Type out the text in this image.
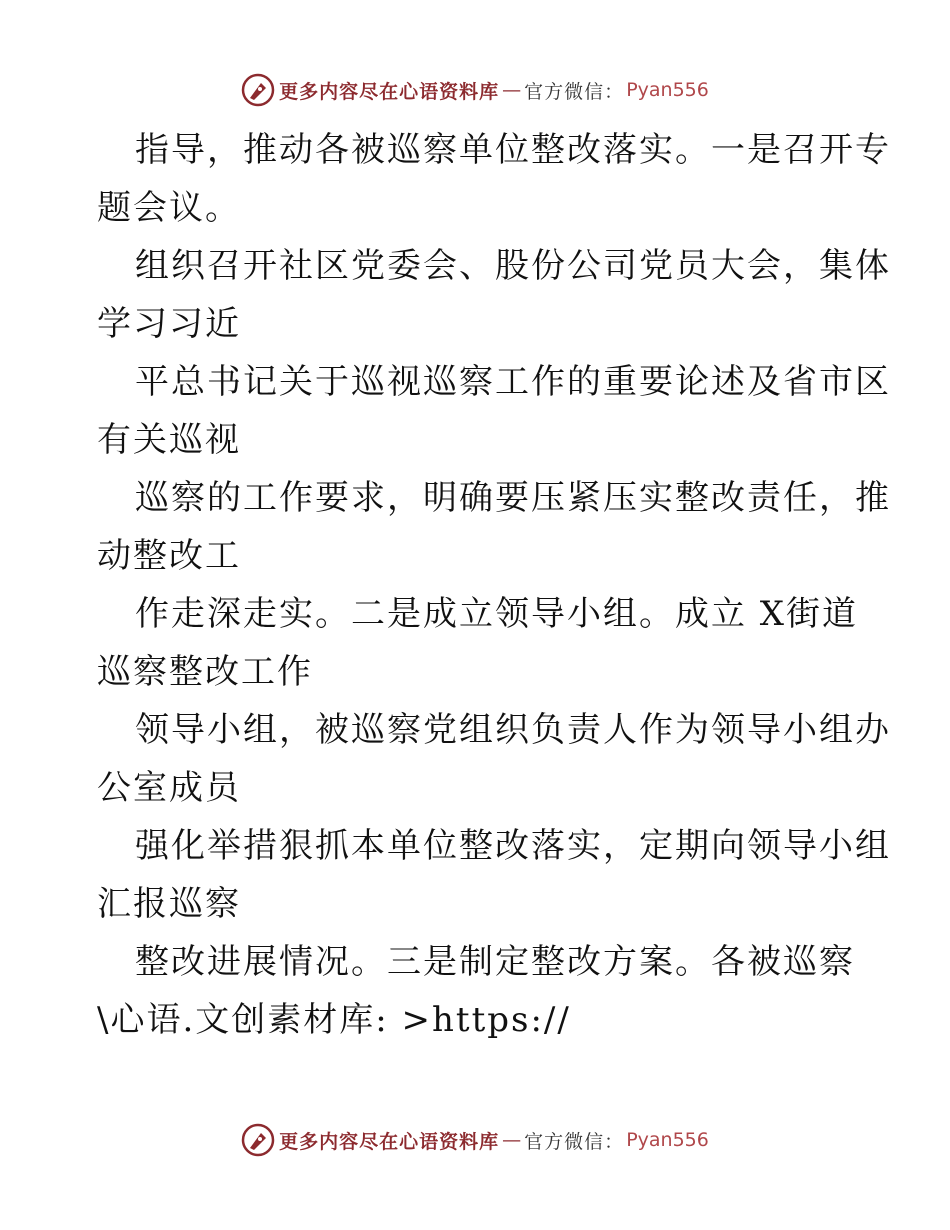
更多内容尽在心语资料库 — 官方微信： Pyan556
指导，推动各被巡察单位整改落实。一是召开专
题会议。
组织召开社区党委会、股份公司党员大会，集体
学习习近
平总书记关于巡视巡察工作的重要论述及省市区
有关巡视
巡察的工作要求，明确要压紧压实整改责任，推
动整改工
作走深走实。二是成立领导小组。成立 X街道
巡察整改工作
领导小组，被巡察党组织负责人作为领导小组办
公室成员
强化举措狠抓本单位整改落实，定期向领导小组
汇报巡察
整改进展情况。三是制定整改方案。各被巡察
\心语.文创素材库: >https://
更多内容尽在心语资料库 — 官方微信： Pyan556
